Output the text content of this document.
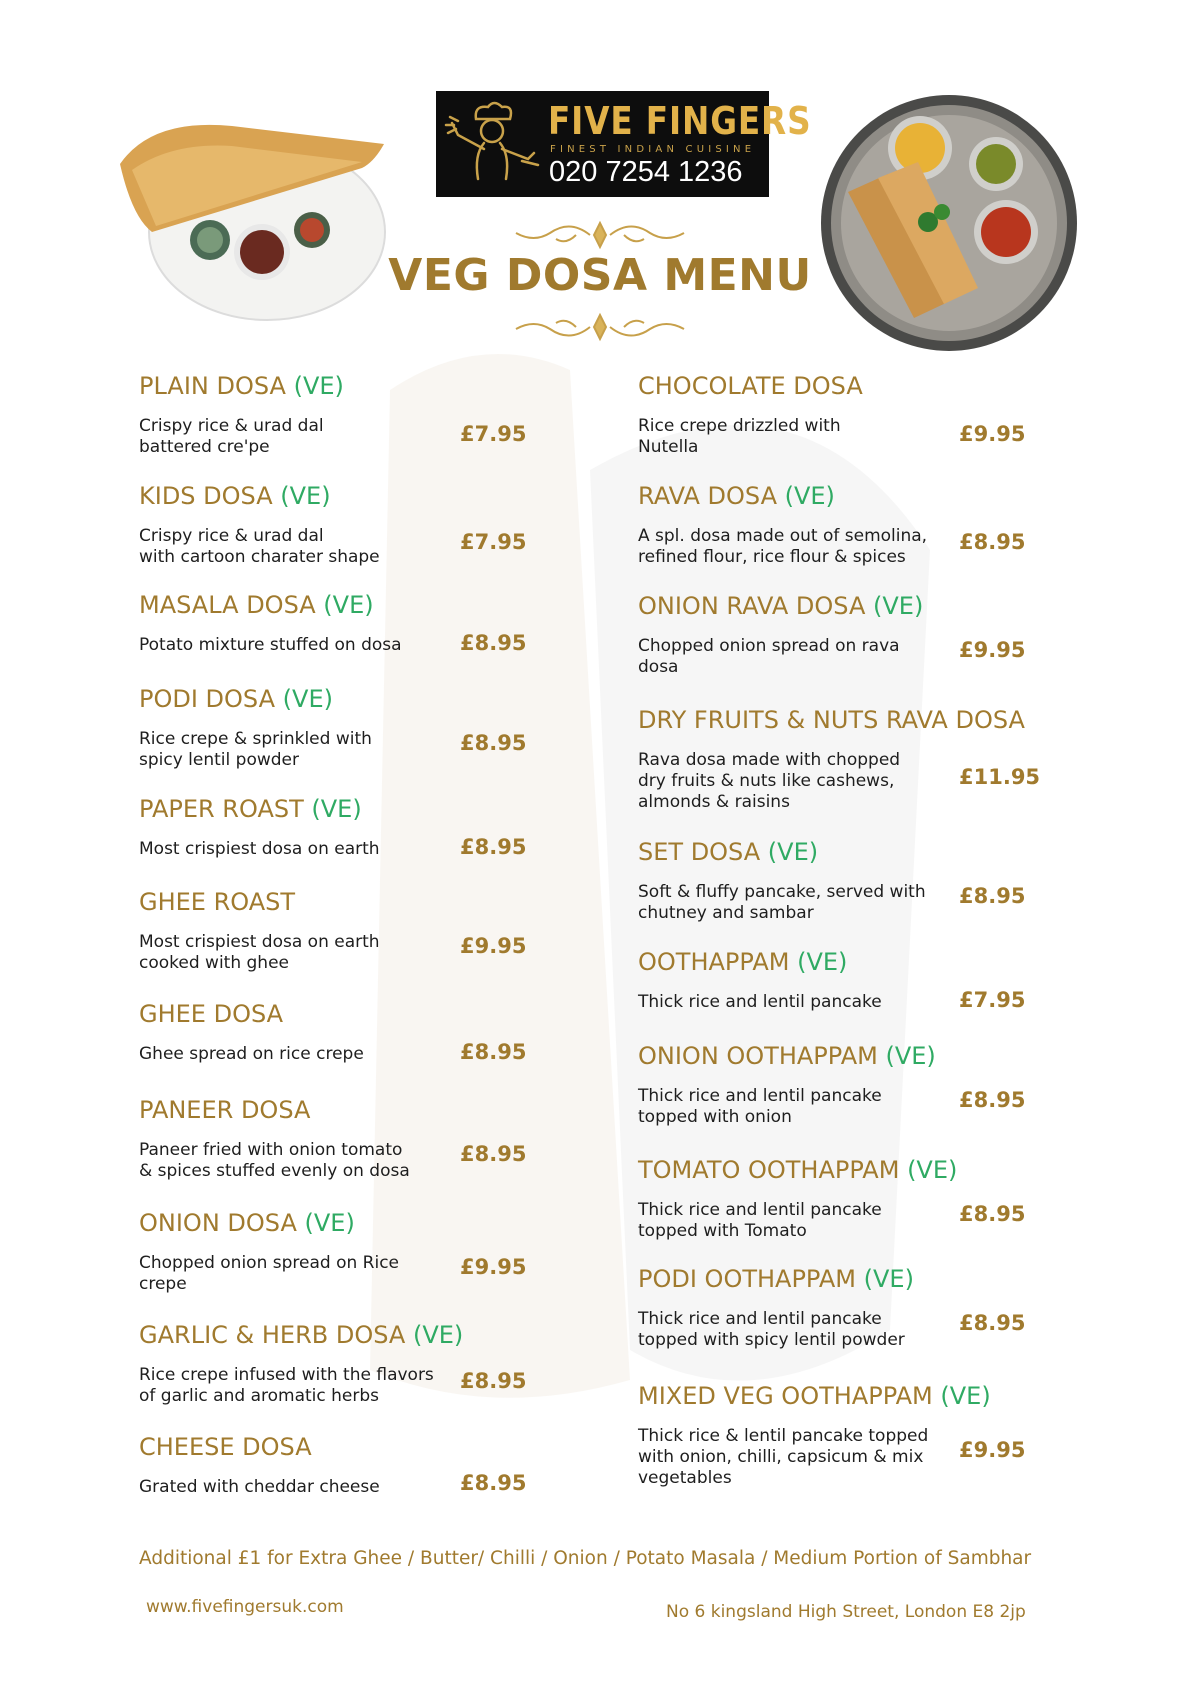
FIVE FINGERS
FINEST INDIAN CUISINE
020 7254 1236
VEG DOSA MENU
PLAIN DOSA (VE)
Crispy rice & urad dal
battered cre'pe
£7.95
KIDS DOSA (VE)
Crispy rice & urad dal
with cartoon charater shape
£7.95
MASALA DOSA (VE)
Potato mixture stuffed on dosa	£8.95
PODI DOSA (VE)
Rice crepe & sprinkled with
spicy lentil powder
£8.95
PAPER ROAST (VE)
Most crispiest dosa on earth	£8.95
GHEE ROAST
Most crispiest dosa on earth
cooked with ghee
£9.95
GHEE DOSA
Ghee spread on rice crepe	£8.95
PANEER DOSA
Paneer fried with onion tomato
& spices stuffed evenly on dosa
£8.95
ONION DOSA (VE)
Chopped onion spread on Rice
crepe
£9.95
GARLIC & HERB DOSA (VE)
Rice crepe infused with the flavors
of garlic and aromatic herbs
£8.95
CHEESE DOSA
Grated with cheddar cheese	£8.95
CHOCOLATE DOSA
Rice crepe drizzled with
Nutella
£9.95
RAVA DOSA (VE)
A spl. dosa made out of semolina,
refined flour, rice flour & spices
£8.95
ONION RAVA DOSA (VE)
Chopped onion spread on rava
dosa
£9.95
DRY FRUITS & NUTS RAVA DOSA
Rava dosa made with chopped
dry fruits & nuts like cashews,
almonds & raisins
£11.95
SET DOSA (VE)
Soft & fluffy pancake, served with
chutney and sambar
£8.95
OOTHAPPAM (VE)
Thick rice and lentil pancake	£7.95
ONION OOTHAPPAM (VE)
Thick rice and lentil pancake
topped with onion
£8.95
TOMATO OOTHAPPAM (VE)
Thick rice and lentil pancake
topped with Tomato
£8.95
PODI OOTHAPPAM (VE)
Thick rice and lentil pancake
topped with spicy lentil powder
£8.95
MIXED VEG OOTHAPPAM (VE)
Thick rice & lentil pancake topped
with onion, chilli, capsicum & mix
vegetables
£9.95
Additional £1 for Extra Ghee / Butter/ Chilli / Onion / Potato Masala / Medium Portion of Sambhar
www.fivefingersuk.com	No 6 kingsland High Street, London E8 2jp
